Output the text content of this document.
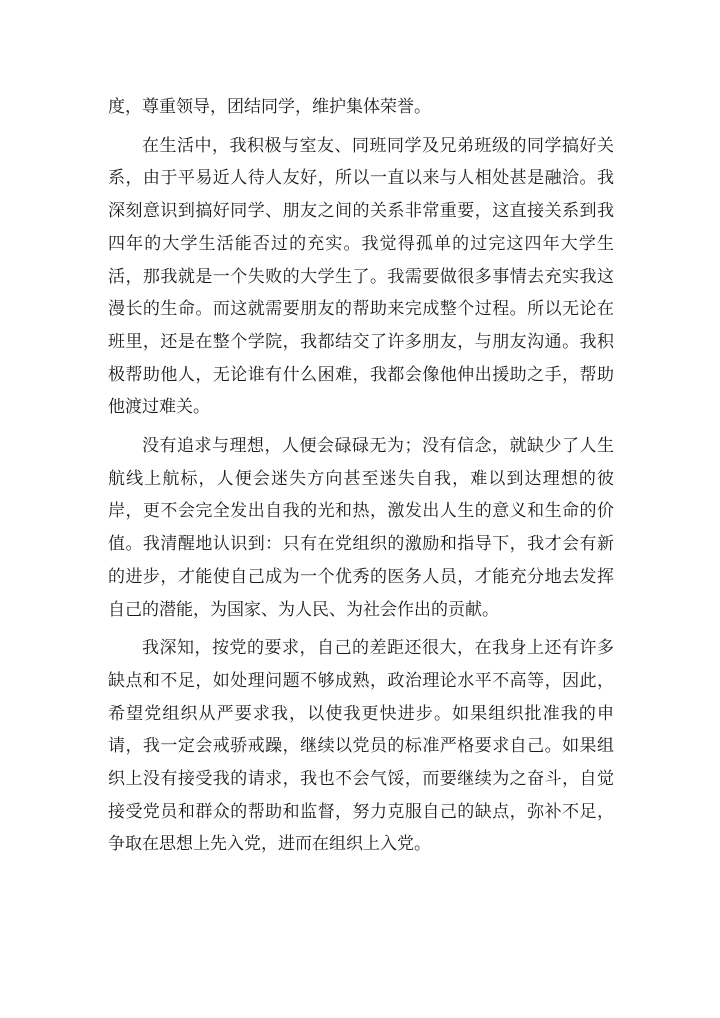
度，尊重领导，团结同学，维护集体荣誉。

在生活中，我积极与室友、同班同学及兄弟班级的同学搞好关系，由于平易近人待人友好，所以一直以来与人相处甚是融洽。我深刻意识到搞好同学、朋友之间的关系非常重要，这直接关系到我四年的大学生活能否过的充实。我觉得孤单的过完这四年大学生活，那我就是一个失败的大学生了。我需要做很多事情去充实我这漫长的生命。而这就需要朋友的帮助来完成整个过程。所以无论在班里，还是在整个学院，我都结交了许多朋友，与朋友沟通。我积极帮助他人，无论谁有什么困难，我都会像他伸出援助之手，帮助他渡过难关。

没有追求与理想，人便会碌碌无为；没有信念，就缺少了人生航线上航标，人便会迷失方向甚至迷失自我，难以到达理想的彼岸，更不会完全发出自我的光和热，激发出人生的意义和生命的价值。我清醒地认识到：只有在党组织的激励和指导下，我才会有新的进步，才能使自己成为一个优秀的医务人员，才能充分地去发挥自己的潜能，为国家、为人民、为社会作出的贡献。

我深知，按党的要求，自己的差距还很大，在我身上还有许多缺点和不足，如处理问题不够成熟，政治理论水平不高等，因此，希望党组织从严要求我，以使我更快进步。如果组织批准我的申请，我一定会戒骄戒躁，继续以党员的标准严格要求自己。如果组织上没有接受我的请求，我也不会气馁，而要继续为之奋斗，自觉接受党员和群众的帮助和监督，努力克服自己的缺点，弥补不足，争取在思想上先入党，进而在组织上入党。
